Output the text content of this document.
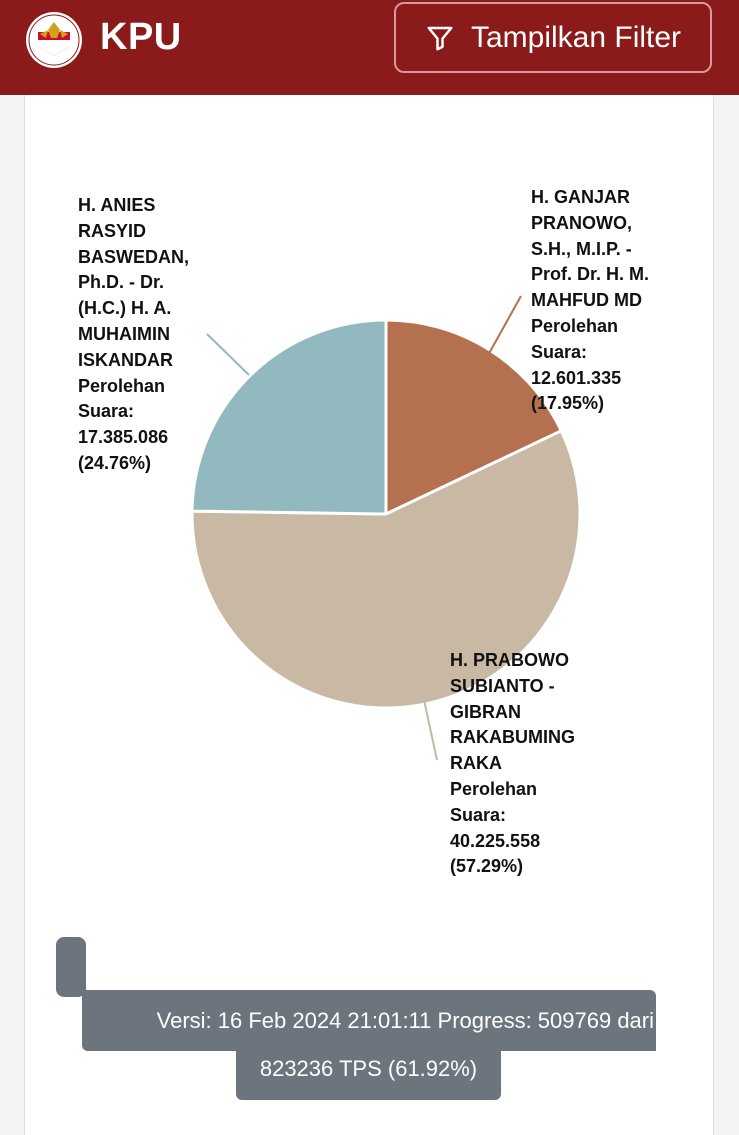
KPU	Tampilkan Filter
H. GANJAR
PRANOWO,
S.H., M.I.P. -
Prof. Dr. H. M.
MAHFUD MD
Perolehan
Suara:
12.601.335
(17.95%)
H. PRABOWO
SUBIANTO -
GIBRAN
RAKABUMING
RAKA
Perolehan
Suara:
40.225.558
(57.29%)
H. ANIES
RASYID
BASWEDAN,
Ph.D. - Dr.
(H.C.) H. A.
MUHAIMIN
ISKANDAR
Perolehan
Suara:
17.385.086
(24.76%)
Versi: 16 Feb 2024 21:01:11 Progress: 509769 dari
823236 TPS (61.92%)
